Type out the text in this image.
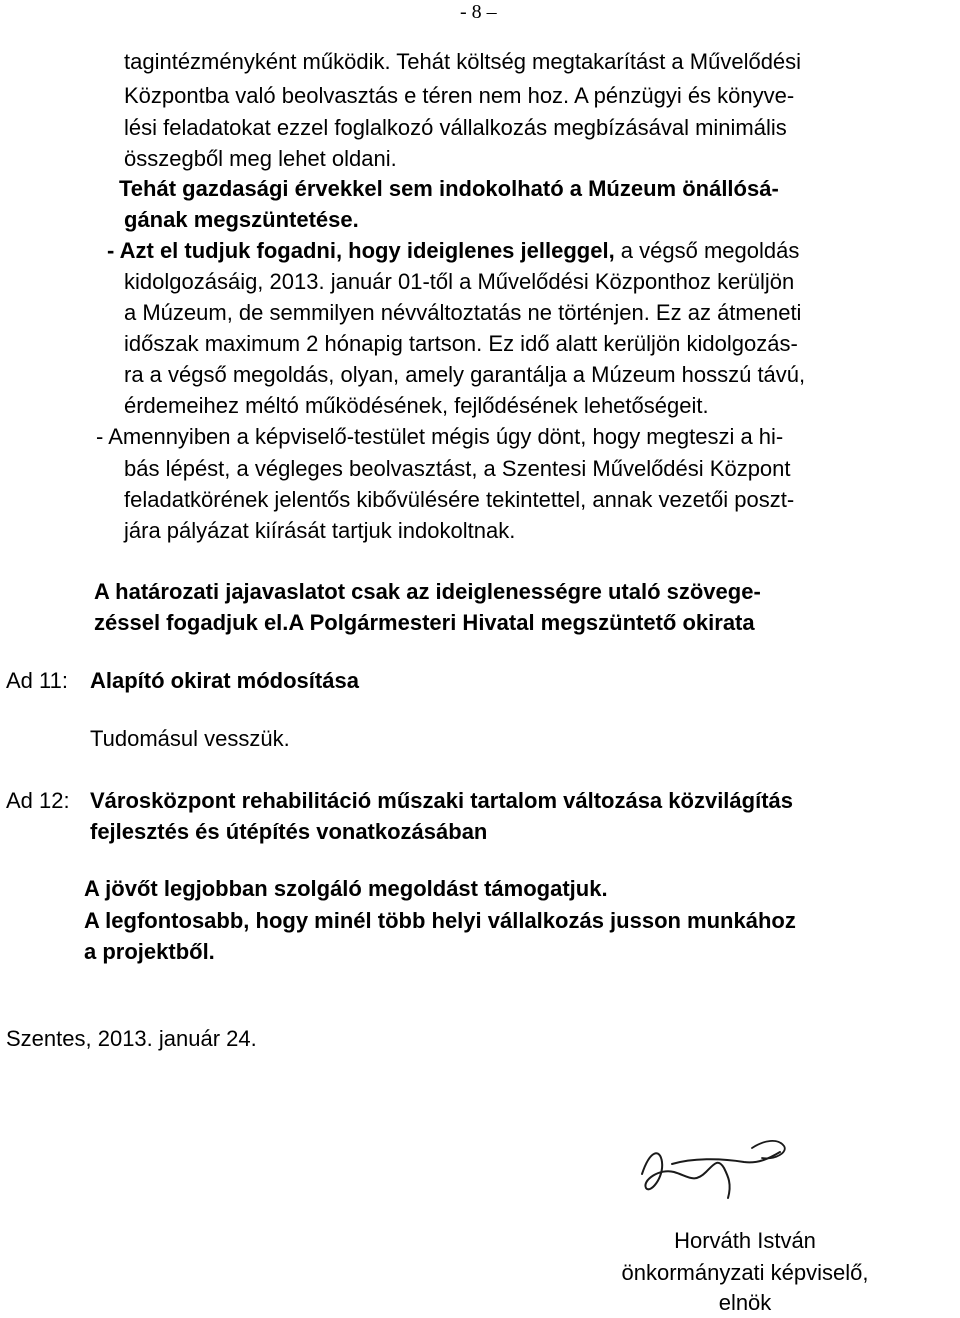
- 8 –
tagintézményként működik. Tehát költség megtakarítást a Művelődési
Központba való beolvasztás e téren nem hoz. A pénzügyi és könyve-
lési feladatokat ezzel foglalkozó vállalkozás megbízásával minimális
összegből meg lehet oldani.
Tehát gazdasági érvekkel sem indokolható a Múzeum önállósá-
gának megszüntetése.
- Azt el tudjuk fogadni, hogy ideiglenes jelleggel, a végső megoldás
kidolgozásáig, 2013. január 01-től a Művelődési Központhoz kerüljön
a Múzeum, de semmilyen névváltoztatás ne történjen. Ez az átmeneti
időszak maximum 2 hónapig tartson. Ez idő alatt kerüljön kidolgozás-
ra a végső megoldás, olyan, amely garantálja a Múzeum hosszú távú,
érdemeihez méltó működésének, fejlődésének lehetőségeit.
- Amennyiben a képviselő-testület mégis úgy dönt, hogy megteszi a hi-
bás lépést, a végleges beolvasztást, a Szentesi Művelődési Központ
feladatkörének jelentős kibővülésére tekintettel, annak vezetői poszt-
jára pályázat kiírását tartjuk indokoltnak.
A határozati jajavaslatot csak az ideiglenességre utaló szövege-
zéssel fogadjuk el.A Polgármesteri Hivatal megszüntető okirata
Ad 11: Alapító okirat módosítása
Tudomásul vesszük.
Ad 12: Városközpont rehabilitáció műszaki tartalom változása közvilágítás
fejlesztés és útépítés vonatkozásában
A jövőt legjobban szolgáló megoldást támogatjuk.
A legfontosabb, hogy minél több helyi vállalkozás jusson munkához
a projektből.
Szentes, 2013. január 24.
Horváth István
önkormányzati képviselő,
elnök
